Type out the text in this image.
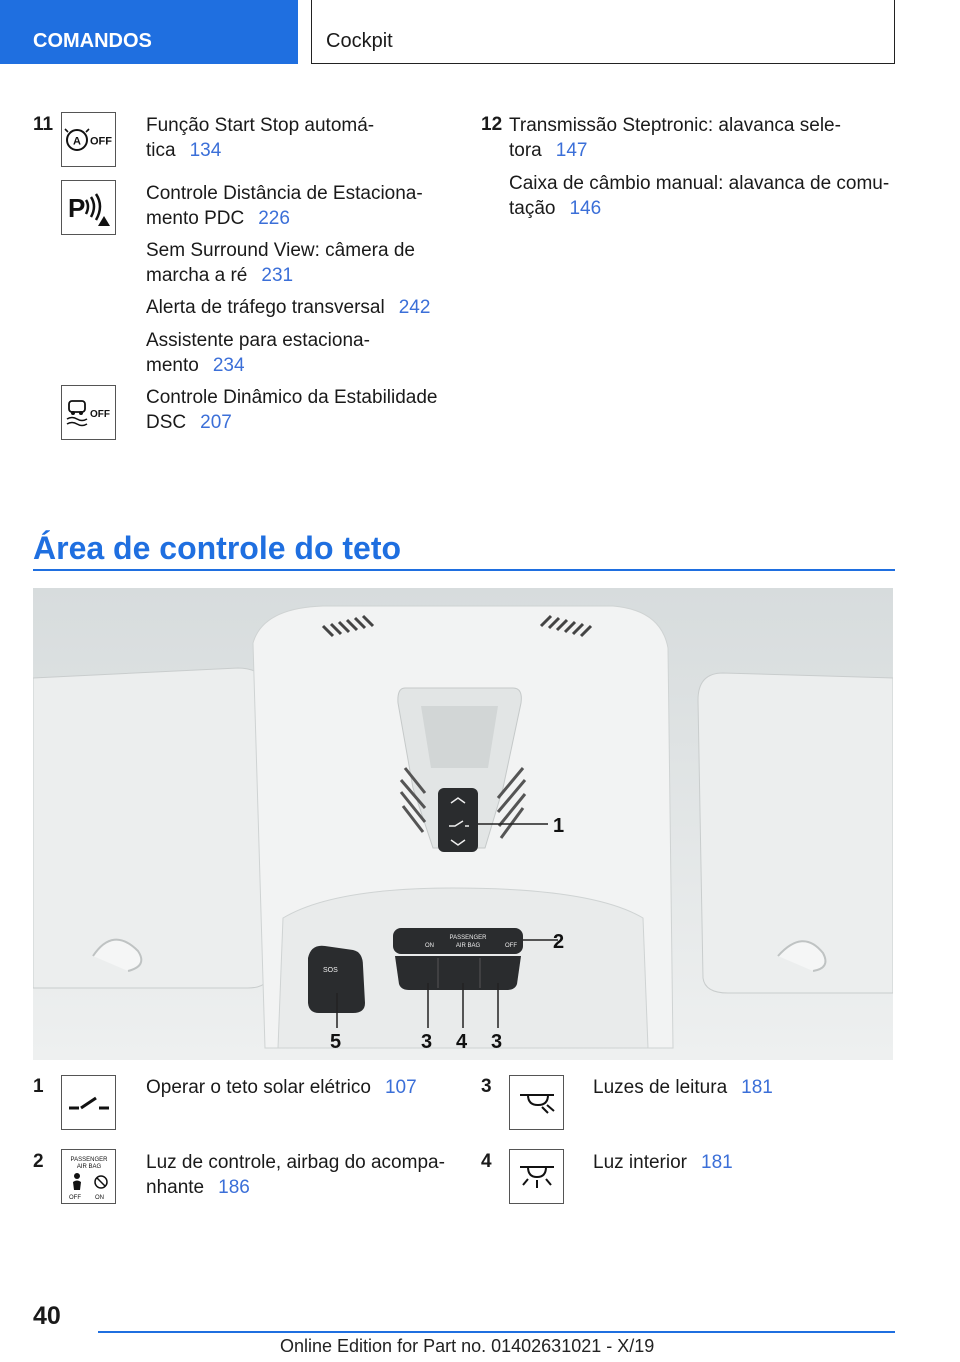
COMANDOS	Cockpit
11
A OFF
Função Start Stop automá-
tica 134
P	Controle Distância de Estaciona-
mento PDC 226
Sem Surround View: câmera de
marcha a ré 231
Alerta de tráfego transversal 242
Assistente para estaciona-
mento 234
OFF
Controle Dinâmico da Estabilidade
DSC 207
12 Transmissão Steptronic: alavanca sele-
tora 147
Caixa de câmbio manual: alavanca de comu-
tação 146
Área de controle do teto
PASSENGER
AIR BAG
ON	OFF
SOS
1
2
3 4 3
5
1	Operar o teto solar elétrico 107
2	PASSENGER
AIR BAG
OFF ON
Luz de controle, airbag do acompa-
nhante 186
3	Luzes de leitura 181
4	Luz interior 181
40
Online Edition for Part no. 01402631021 - X/19
